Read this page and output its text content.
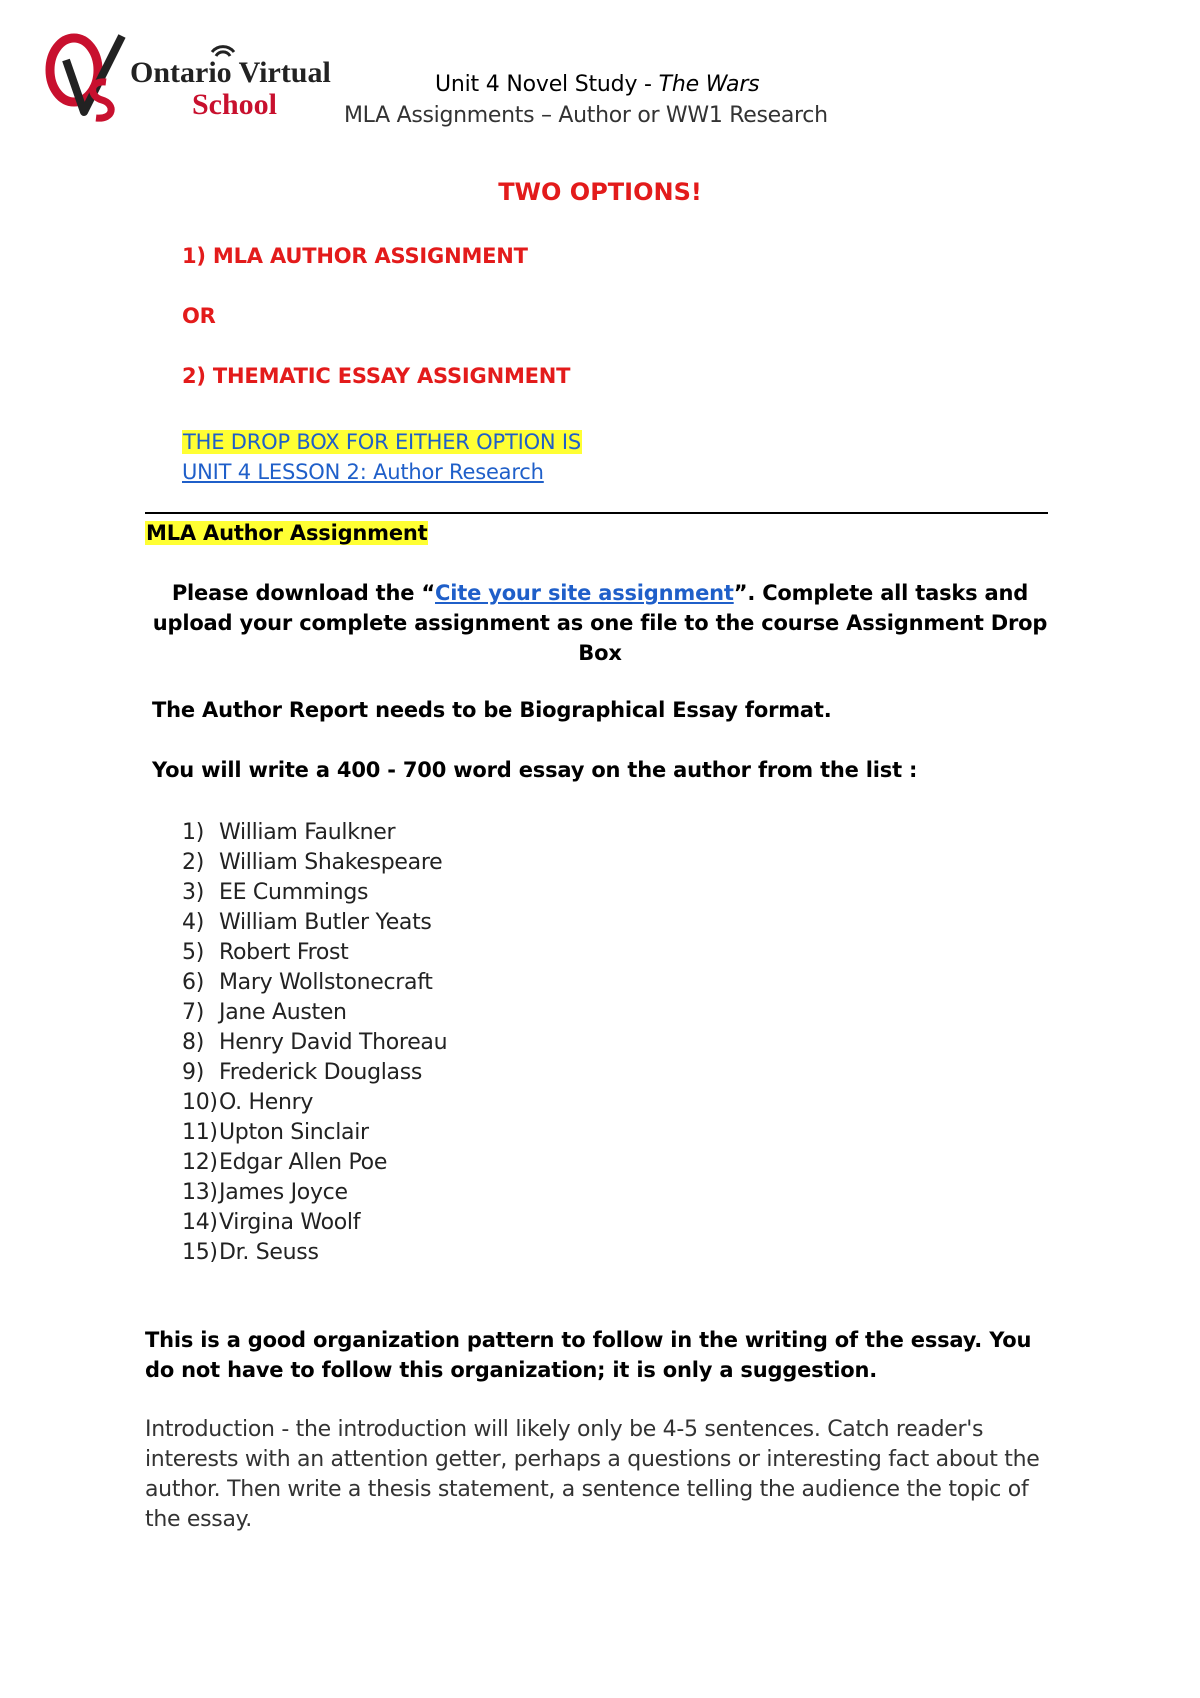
Ontario Virtual
School
Unit 4 Novel Study - The Wars
MLA Assignments – Author or WW1 Research
TWO OPTIONS!
1) MLA AUTHOR ASSIGNMENT
OR
2) THEMATIC ESSAY ASSIGNMENT
THE DROP BOX FOR EITHER OPTION IS
UNIT 4 LESSON 2: Author Research
MLA Author Assignment
Please download the “Cite your site assignment”. Complete all tasks and upload your complete assignment as one file to the course Assignment Drop Box
The Author Report needs to be Biographical Essay format.
You will write a 400 - 700 word essay on the author from the list :
1) William Faulkner
2) William Shakespeare
3) EE Cummings
4) William Butler Yeats
5) Robert Frost
6) Mary Wollstonecraft
7) Jane Austen
8) Henry David Thoreau
9) Frederick Douglass
10)O. Henry
11)Upton Sinclair
12)Edgar Allen Poe
13)James Joyce
14)Virgina Woolf
15)Dr. Seuss
This is a good organization pattern to follow in the writing of the essay. You do not have to follow this organization; it is only a suggestion.
Introduction - the introduction will likely only be 4-5 sentences. Catch reader's interests with an attention getter, perhaps a questions or interesting fact about the author. Then write a thesis statement, a sentence telling the audience the topic of the essay.
